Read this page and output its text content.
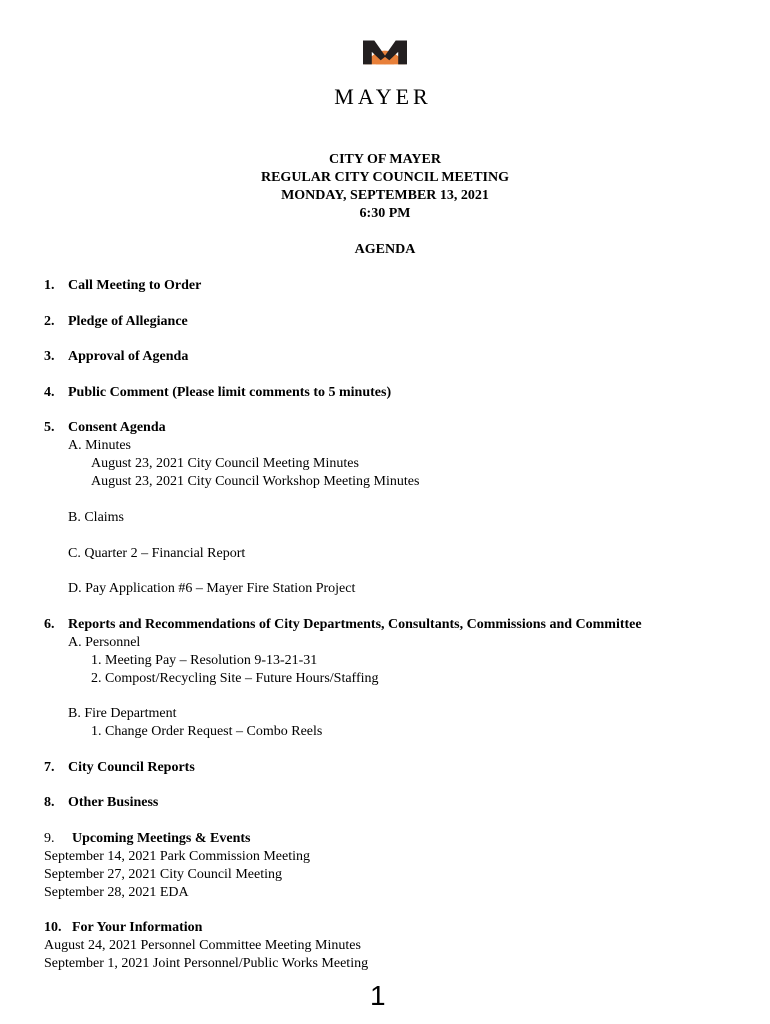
MAYER
CITY OF MAYER
REGULAR CITY COUNCIL MEETING
MONDAY, SEPTEMBER 13, 2021
6:30 PM
AGENDA
1. Call Meeting to Order
2. Pledge of Allegiance
3. Approval of Agenda
4. Public Comment (Please limit comments to 5 minutes)
5. Consent Agenda
A. Minutes
August 23, 2021 City Council Meeting Minutes
August 23, 2021 City Council Workshop Meeting Minutes
B. Claims
C. Quarter 2 – Financial Report
D. Pay Application #6 – Mayer Fire Station Project
6. Reports and Recommendations of City Departments, Consultants, Commissions and Committee
A. Personnel
1. Meeting Pay – Resolution 9-13-21-31
2. Compost/Recycling Site – Future Hours/Staffing
B. Fire Department
1. Change Order Request – Combo Reels
7. City Council Reports
8. Other Business
9. Upcoming Meetings & Events
September 14, 2021 Park Commission Meeting
September 27, 2021 City Council Meeting
September 28, 2021 EDA
10. For Your Information
August 24, 2021 Personnel Committee Meeting Minutes
September 1, 2021 Joint Personnel/Public Works Meeting
1
